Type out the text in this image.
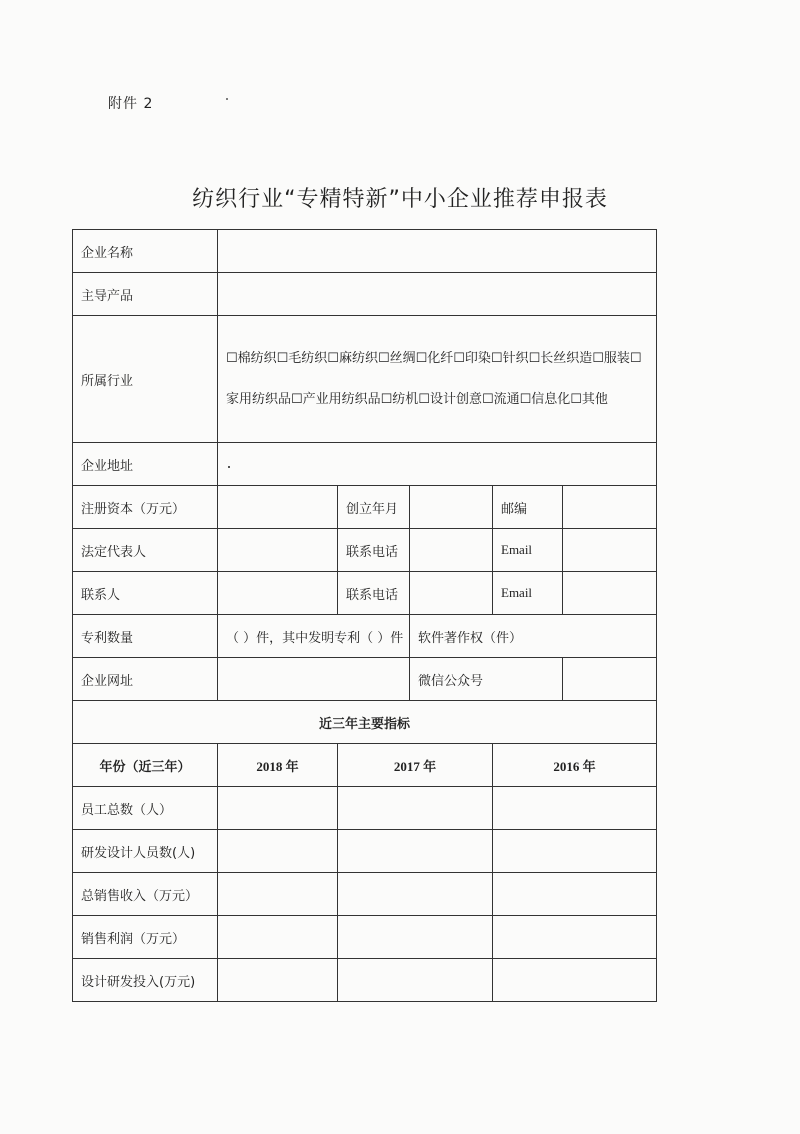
附件 2
纺织行业“专精特新”中小企业推荐申报表
企业名称					
主导产品					
所属行业	☐棉纺织☐毛纺织☐麻纺织☐丝绸☐化纤☐印染☐针织☐长丝织造☐服装☐家用纺织品☐产业用纺织品☐纺机☐设计创意☐流通☐信息化☐其他				
企业地址					
注册资本（万元）		创立年月		邮编	
法定代表人		联系电话		Email	
联系人		联系电话		Email	
专利数量	（ ）件，其中发明专利（ ）件		软件著作权（件）		
企业网址			微信公众号		
近三年主要指标					
年份（近三年）	2018 年	2017 年		2016 年	
员工总数（人）					
研发设计人员数(人)					
总销售收入（万元）					
销售利润（万元）					
设计研发投入(万元)					
